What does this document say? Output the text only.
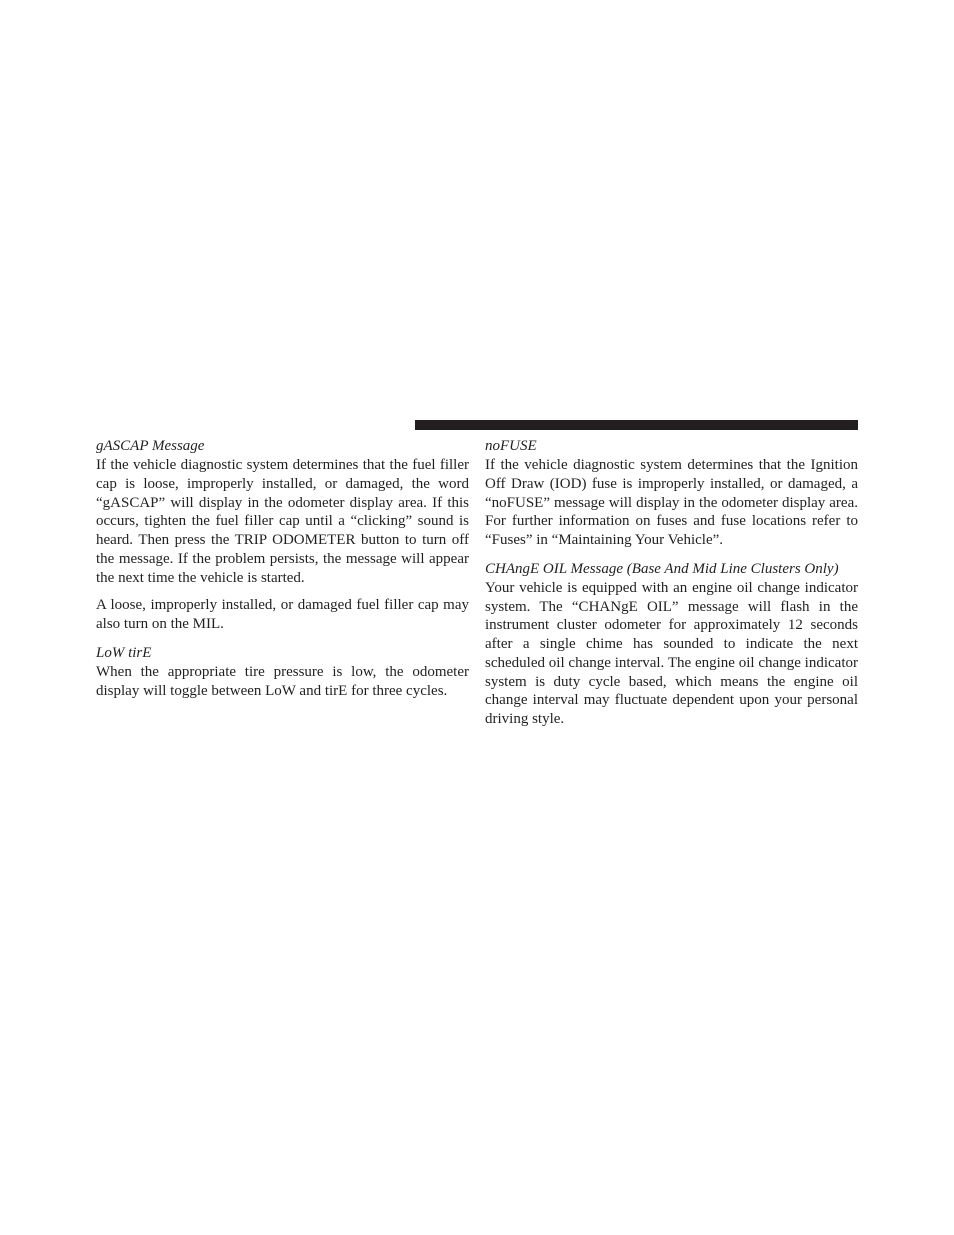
gASCAP Message

If the vehicle diagnostic system determines that the fuel filler cap is loose, improperly installed, or damaged, the word “gASCAP” will display in the odometer display area. If this occurs, tighten the fuel filler cap until a “clicking” sound is heard. Then press the TRIP ODOMETER button to turn off the message. If the problem persists, the message will appear the next time the vehicle is started.

A loose, improperly installed, or damaged fuel filler cap may also turn on the MIL.

LoW tirE

When the appropriate tire pressure is low, the odometer display will toggle between LoW and tirE for three cycles.

noFUSE

If the vehicle diagnostic system determines that the Ignition Off Draw (IOD) fuse is improperly installed, or damaged, a “noFUSE” message will display in the odometer display area. For further information on fuses and fuse locations refer to “Fuses” in “Maintaining Your Vehicle”.

CHAngE OIL Message (Base And Mid Line Clusters Only)

Your vehicle is equipped with an engine oil change indicator system. The “CHANgE OIL” message will flash in the instrument cluster odometer for approximately 12 seconds after a single chime has sounded to indicate the next scheduled oil change interval. The engine oil change indicator system is duty cycle based, which means the engine oil change interval may fluctuate dependent upon your personal driving style.
